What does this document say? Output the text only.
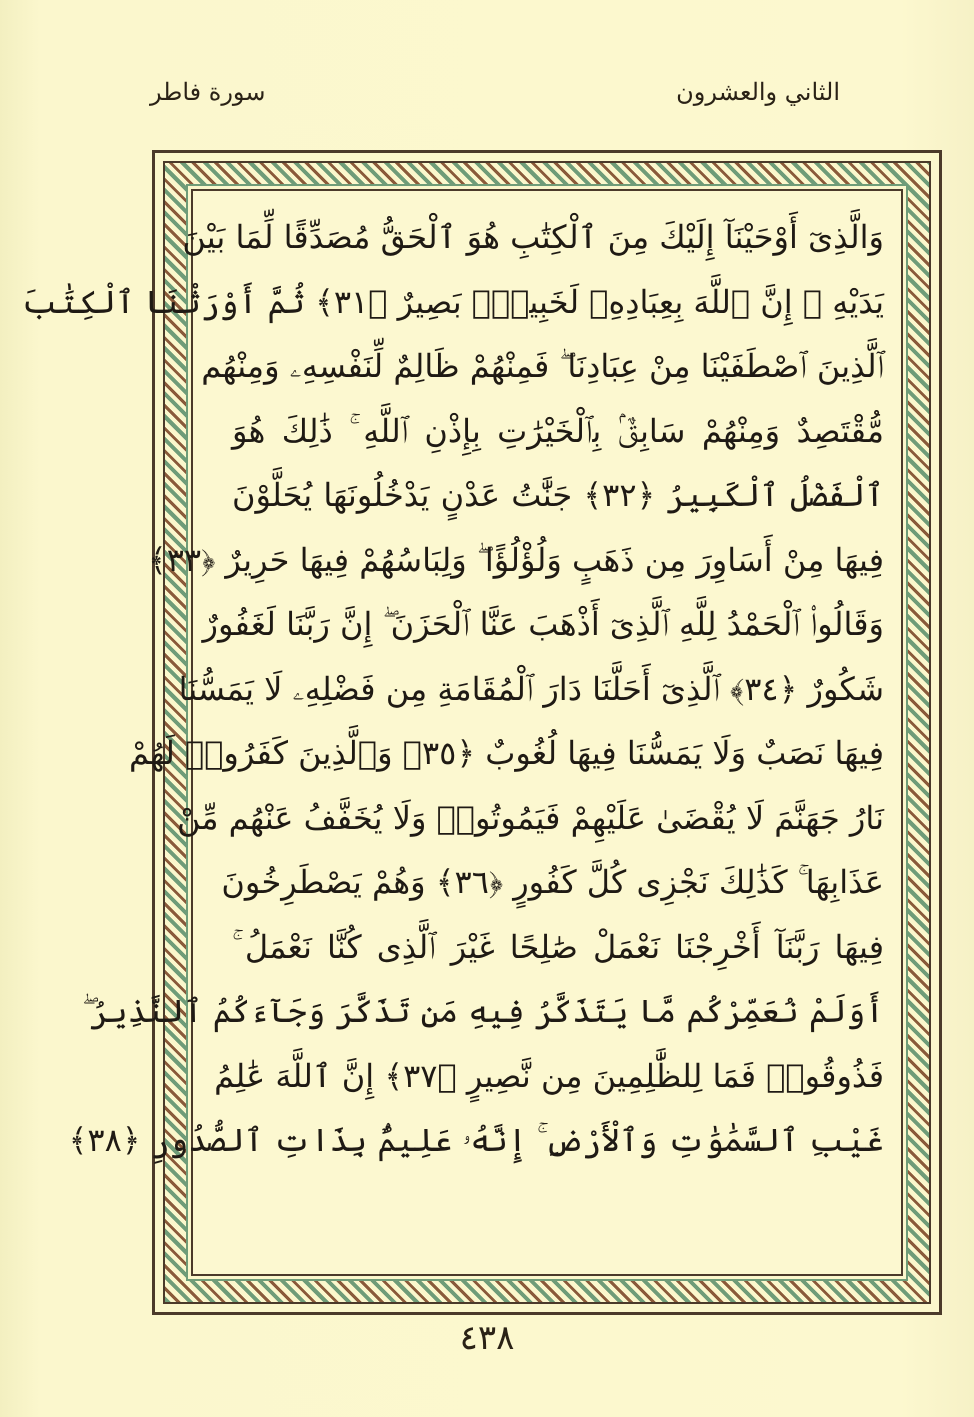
الثاني والعشرون
سورة فاطر
وَالَّذِىٓ أَوْحَيْنَآ إِلَيْكَ مِنَ ٱلْكِتَٰبِ هُوَ ٱلْحَقُّ مُصَدِّقًا لِّمَا بَيْنَ
يَدَيْهِ ۗ إِنَّ ٱللَّهَ بِعِبَادِهِۦ لَخَبِيرٌۢ بَصِيرٌ ﴿٣١﴾ ثُمَّ أَوْرَثْنَا ٱلْكِتَٰبَ
ٱلَّذِينَ ٱصْطَفَيْنَا مِنْ عِبَادِنَا ۖ فَمِنْهُمْ ظَالِمٌ لِّنَفْسِهِۦ وَمِنْهُم
مُّقْتَصِدٌ وَمِنْهُمْ سَابِقٌۢ بِٱلْخَيْرَٰتِ بِإِذْنِ ٱللَّهِ ۚ ذَٰلِكَ هُوَ
ٱلْفَضْلُ ٱلْكَبِيرُ ﴿٣٢﴾ جَنَّٰتُ عَدْنٍ يَدْخُلُونَهَا يُحَلَّوْنَ
فِيهَا مِنْ أَسَاوِرَ مِن ذَهَبٍ وَلُؤْلُؤًا ۖ وَلِبَاسُهُمْ فِيهَا حَرِيرٌ ﴿٣٣﴾
وَقَالُوا۟ ٱلْحَمْدُ لِلَّهِ ٱلَّذِىٓ أَذْهَبَ عَنَّا ٱلْحَزَنَ ۖ إِنَّ رَبَّنَا لَغَفُورٌ
شَكُورٌ ﴿٣٤﴾ ٱلَّذِىٓ أَحَلَّنَا دَارَ ٱلْمُقَامَةِ مِن فَضْلِهِۦ لَا يَمَسُّنَا
فِيهَا نَصَبٌ وَلَا يَمَسُّنَا فِيهَا لُغُوبٌ ﴿٣٥﴾ وَٱلَّذِينَ كَفَرُوا۟ لَهُمْ
نَارُ جَهَنَّمَ لَا يُقْضَىٰ عَلَيْهِمْ فَيَمُوتُوا۟ وَلَا يُخَفَّفُ عَنْهُم مِّنْ
عَذَابِهَا ۚ كَذَٰلِكَ نَجْزِى كُلَّ كَفُورٍ ﴿٣٦﴾ وَهُمْ يَصْطَرِخُونَ
فِيهَا رَبَّنَآ أَخْرِجْنَا نَعْمَلْ صَٰلِحًا غَيْرَ ٱلَّذِى كُنَّا نَعْمَلُ ۚ
أَوَلَمْ نُعَمِّرْكُم مَّا يَتَذَكَّرُ فِيهِ مَن تَذَكَّرَ وَجَآءَكُمُ ٱلنَّذِيرُ ۖ
فَذُوقُوا۟ فَمَا لِلظَّٰلِمِينَ مِن نَّصِيرٍ ﴿٣٧﴾ إِنَّ ٱللَّهَ عَٰلِمُ
غَيْبِ ٱلسَّمَٰوَٰتِ وَٱلْأَرْضِ ۚ إِنَّهُۥ عَلِيمٌۢ بِذَاتِ ٱلصُّدُورِ ﴿٣٨﴾
٤٣٨
